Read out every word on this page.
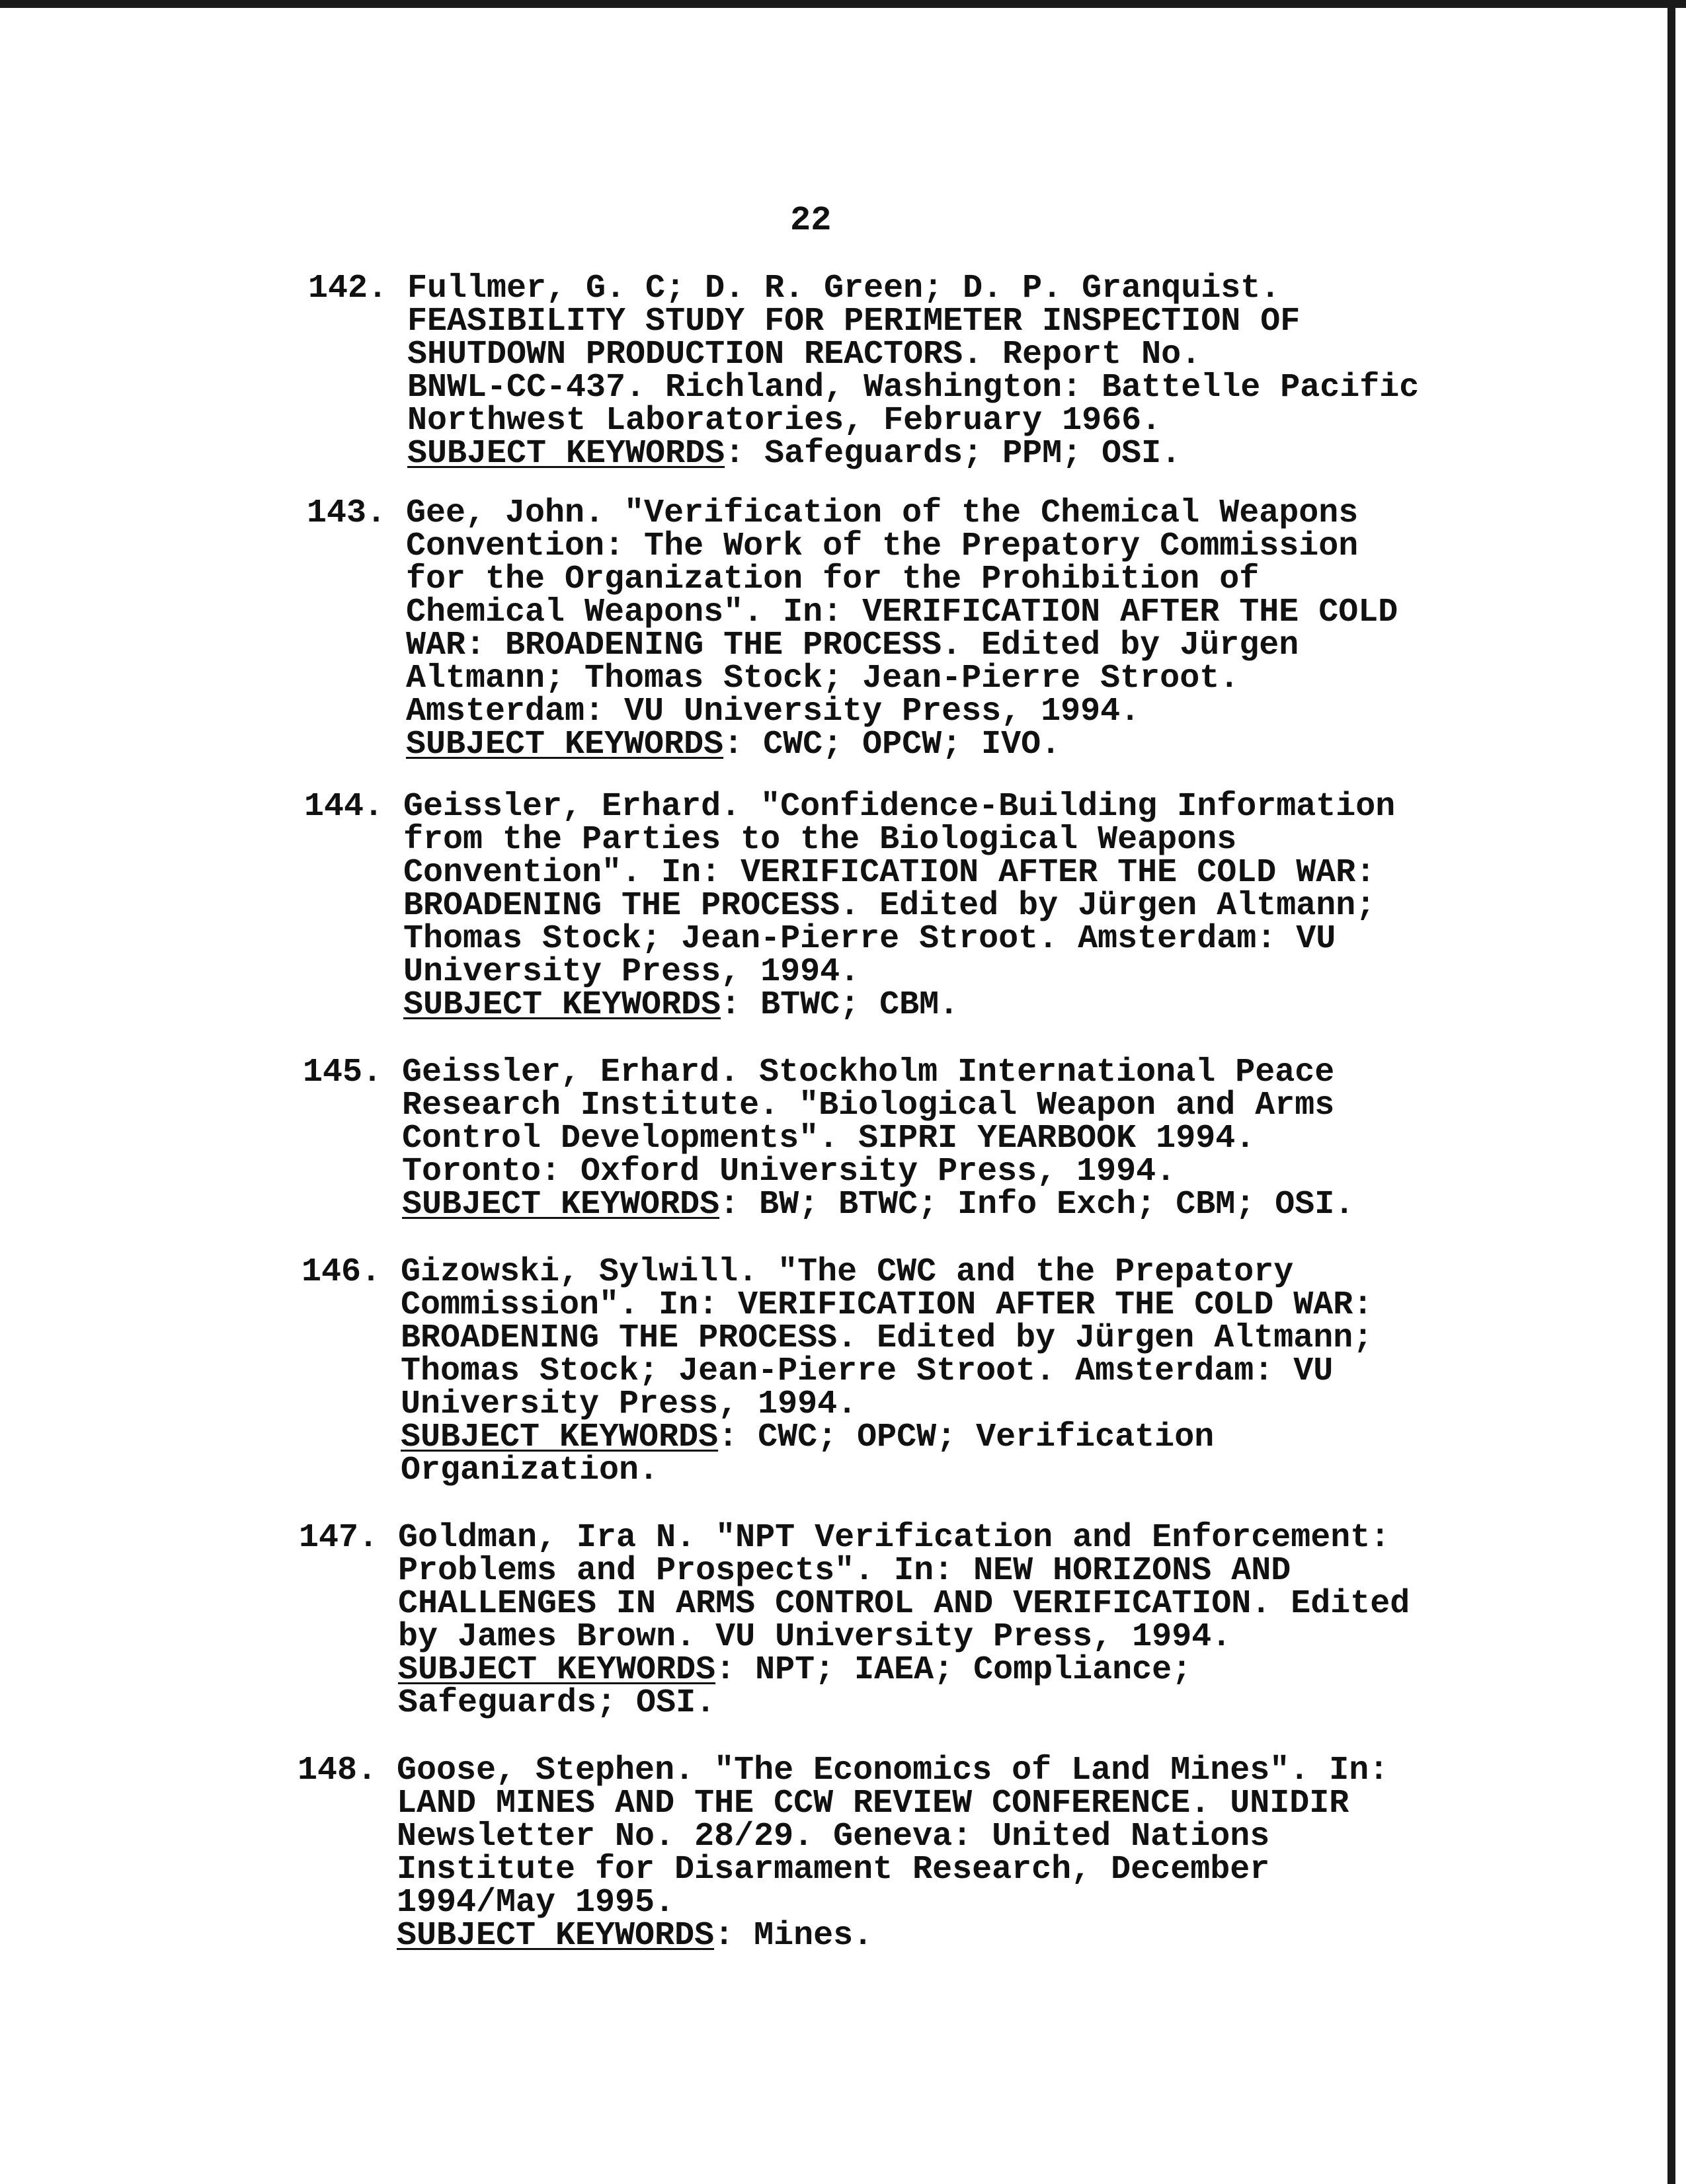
22
142. Fullmer, G. C; D. R. Green; D. P. Granquist.
FEASIBILITY STUDY FOR PERIMETER INSPECTION OF
SHUTDOWN PRODUCTION REACTORS. Report No.
BNWL-CC-437. Richland, Washington: Battelle Pacific
Northwest Laboratories, February 1966.
SUBJECT KEYWORDS: Safeguards; PPM; OSI.
143. Gee, John. "Verification of the Chemical Weapons
Convention: The Work of the Prepatory Commission
for the Organization for the Prohibition of
Chemical Weapons". In: VERIFICATION AFTER THE COLD
WAR: BROADENING THE PROCESS. Edited by Jürgen
Altmann; Thomas Stock; Jean-Pierre Stroot.
Amsterdam: VU University Press, 1994.
SUBJECT KEYWORDS: CWC; OPCW; IVO.
144. Geissler, Erhard. "Confidence-Building Information
from the Parties to the Biological Weapons
Convention". In: VERIFICATION AFTER THE COLD WAR:
BROADENING THE PROCESS. Edited by Jürgen Altmann;
Thomas Stock; Jean-Pierre Stroot. Amsterdam: VU
University Press, 1994.
SUBJECT KEYWORDS: BTWC; CBM.
145. Geissler, Erhard. Stockholm International Peace
Research Institute. "Biological Weapon and Arms
Control Developments". SIPRI YEARBOOK 1994.
Toronto: Oxford University Press, 1994.
SUBJECT KEYWORDS: BW; BTWC; Info Exch; CBM; OSI.
146. Gizowski, Sylwill. "The CWC and the Prepatory
Commission". In: VERIFICATION AFTER THE COLD WAR:
BROADENING THE PROCESS. Edited by Jürgen Altmann;
Thomas Stock; Jean-Pierre Stroot. Amsterdam: VU
University Press, 1994.
SUBJECT KEYWORDS: CWC; OPCW; Verification
Organization.
147. Goldman, Ira N. "NPT Verification and Enforcement:
Problems and Prospects". In: NEW HORIZONS AND
CHALLENGES IN ARMS CONTROL AND VERIFICATION. Edited
by James Brown. VU University Press, 1994.
SUBJECT KEYWORDS: NPT; IAEA; Compliance;
Safeguards; OSI.
148. Goose, Stephen. "The Economics of Land Mines". In:
LAND MINES AND THE CCW REVIEW CONFERENCE. UNIDIR
Newsletter No. 28/29. Geneva: United Nations
Institute for Disarmament Research, December
1994/May 1995.
SUBJECT KEYWORDS: Mines.
